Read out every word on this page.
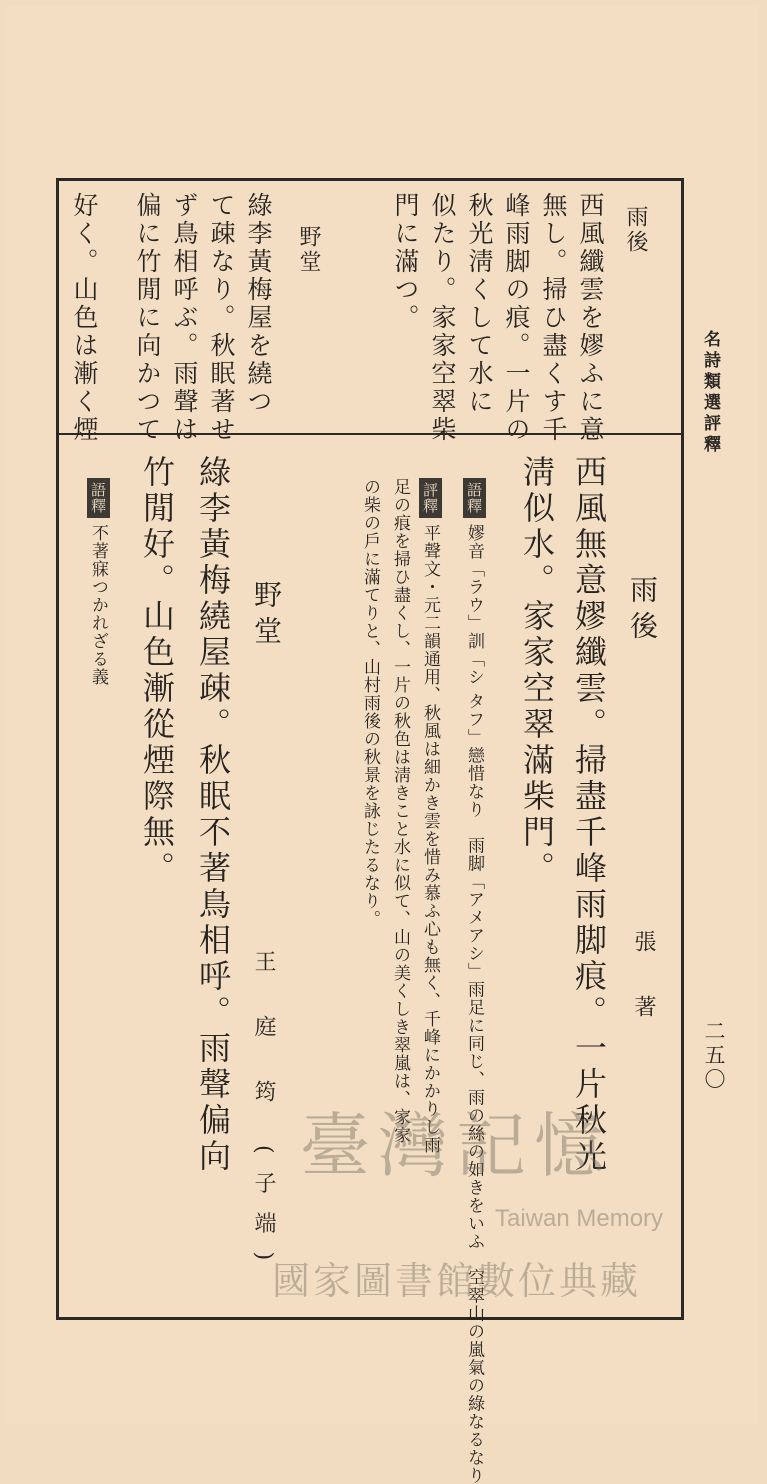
名詩類選評釋
二五〇
雨後
西風纖雲を嫪ふに意
無し。掃ひ盡くす千
峰雨脚の痕。一片の
秋光淸くして水に
似たり。家家空翠柴
門に滿つ。
野堂
綠李黃梅屋を繞つ
て疎なり。秋眠著せ
ず鳥相呼ぶ。雨聲は
偏に竹閒に向かつて
好く。山色は漸く煙
雨後
張 著
西風無意嫪纖雲。掃盡千峰雨脚痕。一片秋光
淸似水。家家空翠滿柴門。
語釋嫪音「ラウ」訓「シ タフ」戀惜なり　雨脚「アメアシ」雨足に同じ、雨の絲の如きをいふ　空翠山の嵐氣の綠なるなり
評釋平聲文・元二韻通用、秋風は細かき雲を惜み慕ふ心も無く、千峰にかかりし雨
足の痕を掃ひ盡くし、一片の秋色は淸きこと水に似て、山の美くしき翠嵐は、家家
の柴の戶に滿てりと、山村雨後の秋景を詠じたるなり。
野堂
王 庭 筠 (子端)
綠李黃梅繞屋疎。秋眠不著鳥相呼。雨聲偏向
竹閒好。山色漸從煙際無。
語釋不著寐つかれざる義
臺灣記憶
Taiwan Memory
國家圖書館數位典藏
